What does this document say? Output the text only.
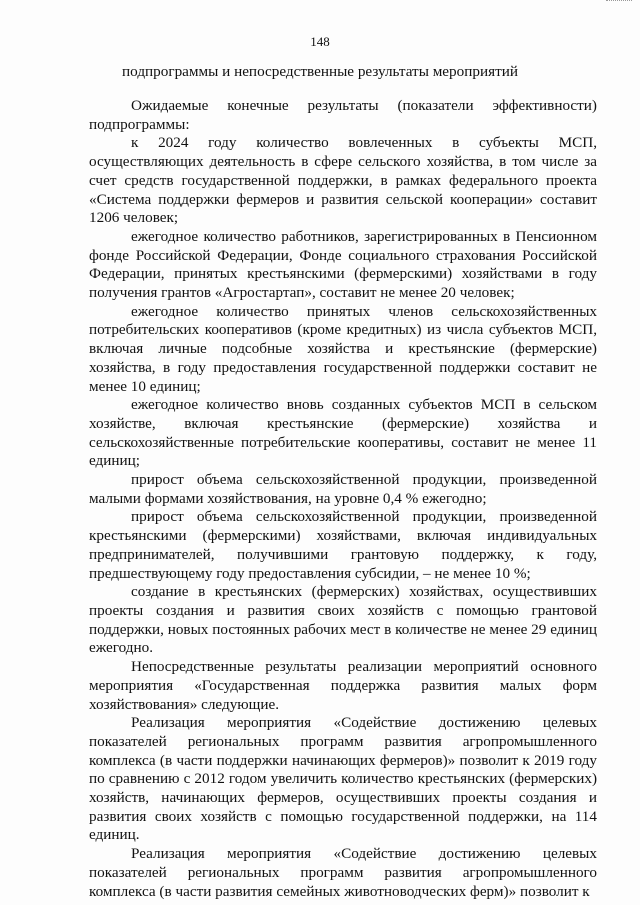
148
подпрограммы и непосредственные результаты мероприятий

Ожидаемые конечные результаты (показатели эффективности) подпрограммы:

к 2024 году количество вовлеченных в субъекты МСП, осуществляющих деятельность в сфере сельского хозяйства, в том числе за счет средств государственной поддержки, в рамках федерального проекта «Система поддержки фермеров и развития сельской кооперации» составит 1206 человек;

ежегодное количество работников, зарегистрированных в Пенсионном фонде Российской Федерации, Фонде социального страхования Российской Федерации, принятых крестьянскими (фермерскими) хозяйствами в году получения грантов «Агростартап», составит не менее 20 человек;

ежегодное количество принятых членов сельскохозяйственных потребительских кооперативов (кроме кредитных) из числа субъектов МСП, включая личные подсобные хозяйства и крестьянские (фермерские) хозяйства, в году предоставления государственной поддержки составит не менее 10 единиц;

ежегодное количество вновь созданных субъектов МСП в сельском хозяйстве, включая крестьянские (фермерские) хозяйства и сельскохозяйственные потребительские кооперативы, составит не менее 11 единиц;

прирост объема сельскохозяйственной продукции, произведенной малыми формами хозяйствования, на уровне 0,4 % ежегодно;

прирост объема сельскохозяйственной продукции, произведенной крестьянскими (фермерскими) хозяйствами, включая индивидуальных предпринимателей, получившими грантовую поддержку, к году, предшествующему году предоставления субсидии, – не менее 10 %;

создание в крестьянских (фермерских) хозяйствах, осуществивших проекты создания и развития своих хозяйств с помощью грантовой поддержки, новых постоянных рабочих мест в количестве не менее 29 единиц ежегодно.

Непосредственные результаты реализации мероприятий основного мероприятия «Государственная поддержка развития малых форм хозяйствования» следующие.

Реализация мероприятия «Содействие достижению целевых показателей региональных программ развития агропромышленного комплекса (в части поддержки начинающих фермеров)» позволит к 2019 году по сравнению с 2012 годом увеличить количество крестьянских (фермерских) хозяйств, начинающих фермеров, осуществивших проекты создания и развития своих хозяйств с помощью государственной поддержки, на 114 единиц.

Реализация мероприятия «Содействие достижению целевых показателей региональных программ развития агропромышленного комплекса (в части развития семейных животноводческих ферм)» позволит к
